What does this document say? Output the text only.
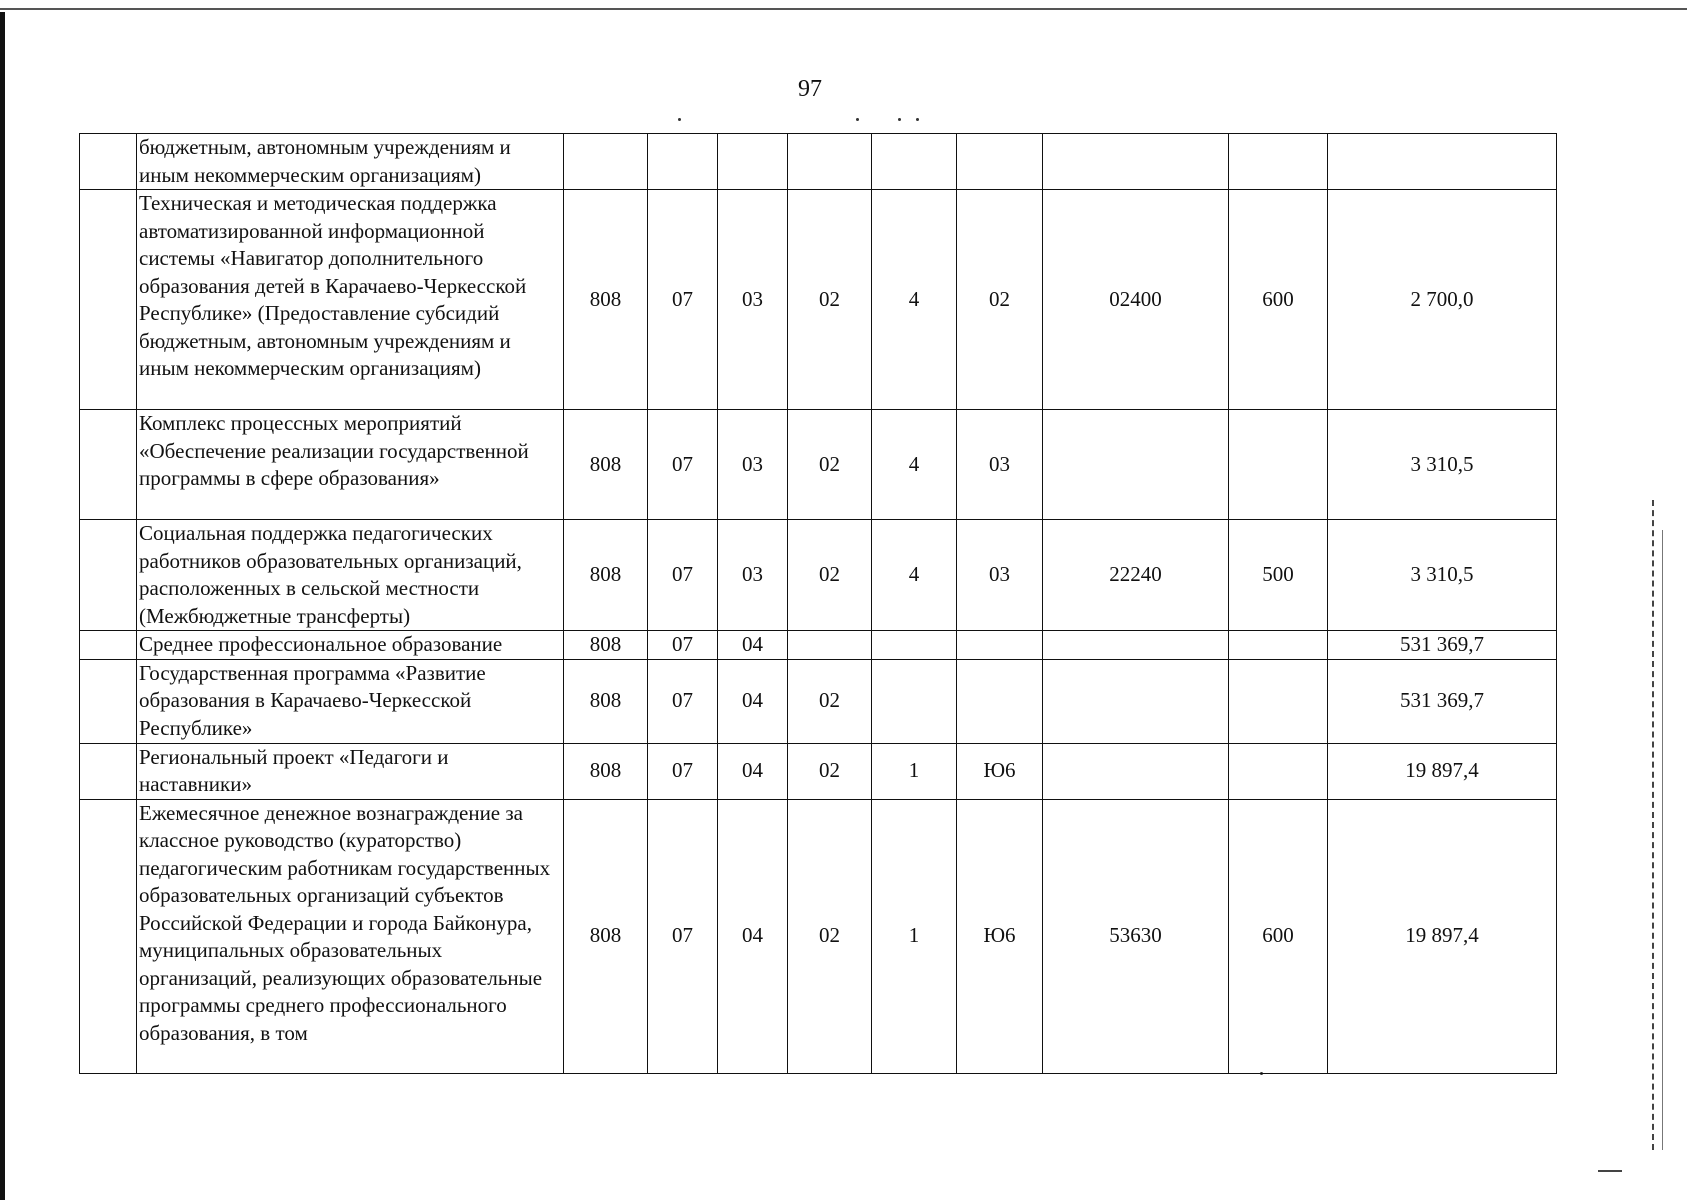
97
	бюджетным, автономным учреждениям и иным некоммерческим организациям)									
	Техническая и методическая поддержка автоматизированной информационной системы «Навигатор дополнительного образования детей в Карачаево-Черкесской Республике» (Предоставление субсидий бюджетным, автономным учреждениям и иным некоммерческим организациям)	808	07	03	02	4	02	02400	600	2 700,0
	Комплекс процессных мероприятий «Обеспечение реализации государственной программы в сфере образования»	808	07	03	02	4	03			3 310,5
	Социальная поддержка педагогических работников образовательных организаций, расположенных в сельской местности (Межбюджетные трансферты)	808	07	03	02	4	03	22240	500	3 310,5
	Среднее профессиональное образование	808	07	04						531 369,7
	Государственная программа «Развитие образования в Карачаево-Черкесской Республике»	808	07	04	02					531 369,7
	Региональный проект «Педагоги и наставники»	808	07	04	02	1	Ю6			19 897,4
	Ежемесячное денежное вознаграждение за классное руководство (кураторство) педагогическим работникам государственных образовательных организаций субъектов Российской Федерации и города Байконура, муниципальных образовательных организаций, реализующих образовательные программы среднего профессионального образования, в том	808	07	04	02	1	Ю6	53630	600	19 897,4
